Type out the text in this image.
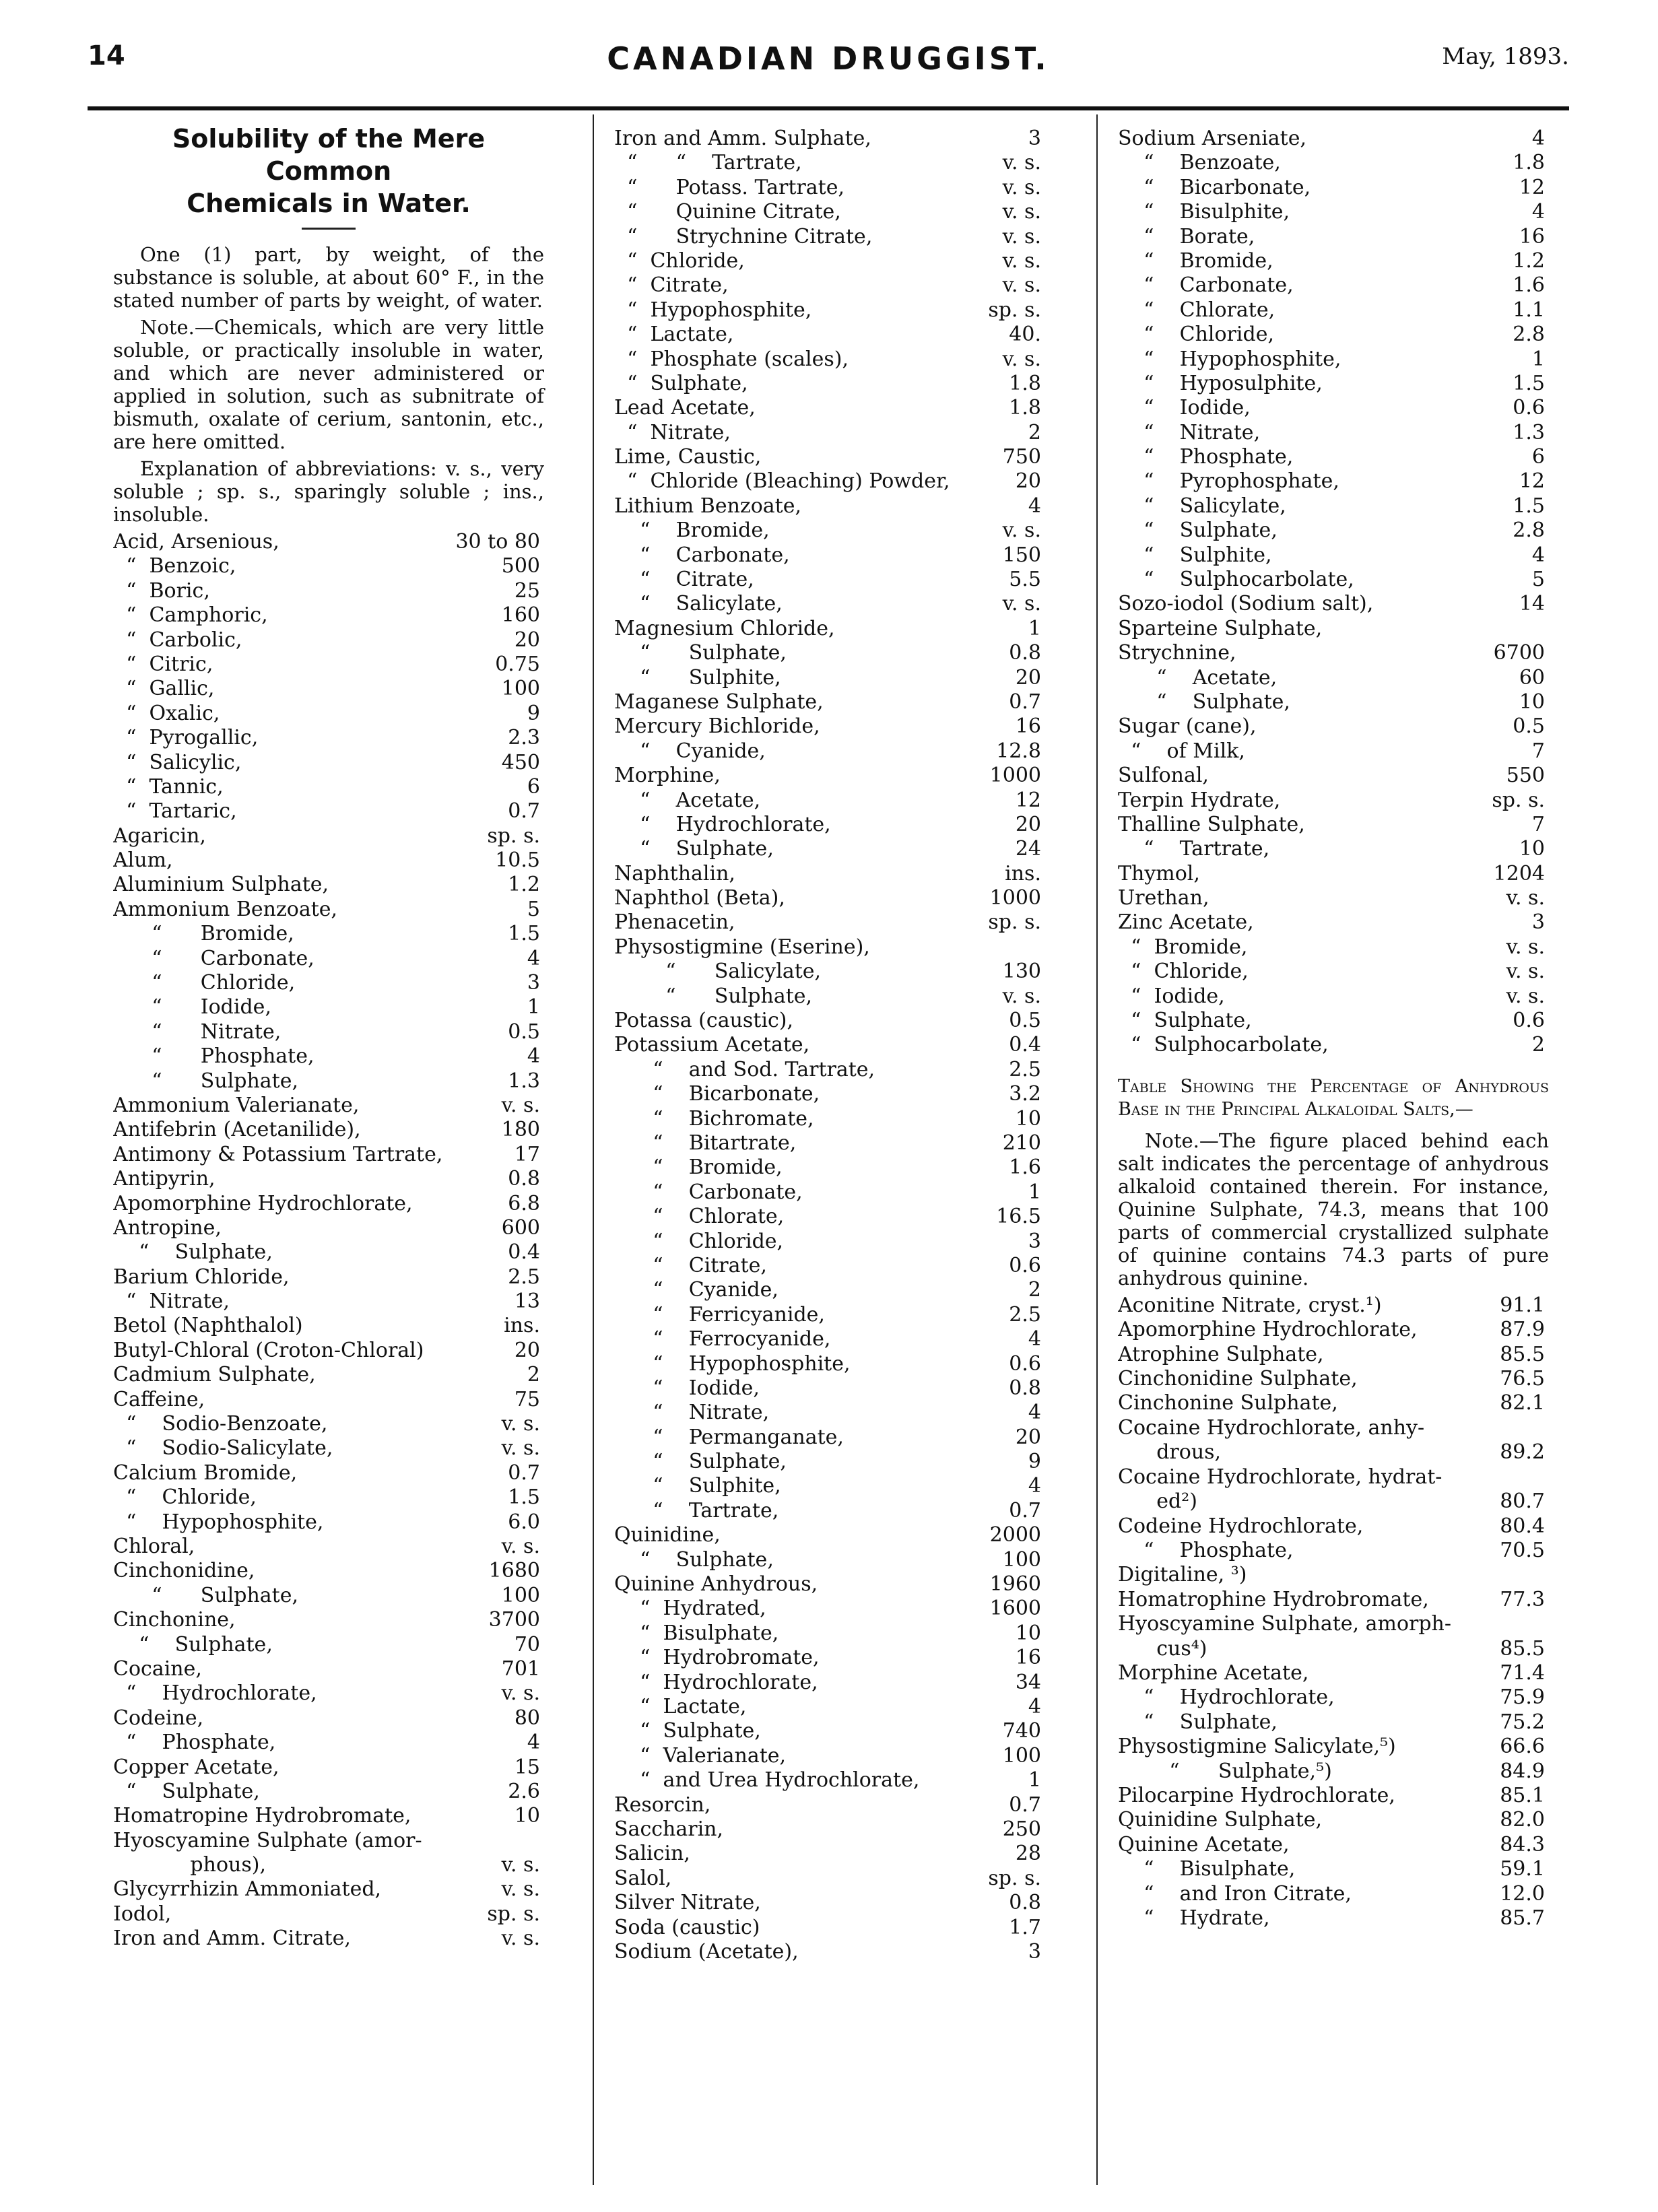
14	CANADIAN DRUGGIST.	May, 1893.
Solubility of the Mere Common
Chemicals in Water.

One (1) part, by weight, of the substance is soluble, at about 60° F., in the stated number of parts by weight, of water.

Note.—Chemicals, which are very little soluble, or practically insoluble in water, and which are never administered or applied in solution, such as subnitrate of bismuth, oxalate of cerium, santonin, etc., are here omitted.

Explanation of abbreviations: v. s., very soluble ; sp. s., sparingly soluble ; ins., insoluble.

Acid, Arsenious,	30 to 80
“  Benzoic,	500
“  Boric,	25
“  Camphoric,	160
“  Carbolic,	20
“  Citric,	0.75
“  Gallic,	100
“  Oxalic,	9
“  Pyrogallic,	2.3
“  Salicylic,	450
“  Tannic,	6
“  Tartaric,	0.7
Agaricin,	sp. s.
Alum,	10.5
Aluminium Sulphate,	1.2
Ammonium Benzoate,	5
“      Bromide,	1.5
“      Carbonate,	4
“      Chloride,	3
“      Iodide,	1
“      Nitrate,	0.5
“      Phosphate,	4
“      Sulphate,	1.3
Ammonium Valerianate,	v. s.
Antifebrin (Acetanilide),	180
Antimony & Potassium Tartrate,	17
Antipyrin,	0.8
Apomorphine Hydrochlorate,	6.8
Antropine,	600
“    Sulphate,	0.4
Barium Chloride,	2.5
“  Nitrate,	13
Betol (Naphthalol)	ins.
Butyl-Chloral (Croton-Chloral)	20
Cadmium Sulphate,	2
Caffeine,	75
“    Sodio-Benzoate,	v. s.
“    Sodio-Salicylate,	v. s.
Calcium Bromide,	0.7
“    Chloride,	1.5
“    Hypophosphite,	6.0
Chloral,	v. s.
Cinchonidine,	1680
“      Sulphate,	100
Cinchonine,	3700
“    Sulphate,	70
Cocaine,	701
“    Hydrochlorate,	v. s.
Codeine,	80
“    Phosphate,	4
Copper Acetate,	15
“    Sulphate,	2.6
Homatropine Hydrobromate,	10
Hyoscyamine Sulphate (amor-
phous),	v. s.
Glycyrrhizin Ammoniated,	v. s.
Iodol,	sp. s.
Iron and Amm. Citrate,	v. s.
Iron and Amm. Sulphate,	3
“      “    Tartrate,	v. s.
“      Potass. Tartrate,	v. s.
“      Quinine Citrate,	v. s.
“      Strychnine Citrate,	v. s.
“  Chloride,	v. s.
“  Citrate,	v. s.
“  Hypophosphite,	sp. s.
“  Lactate,	40.
“  Phosphate (scales),	v. s.
“  Sulphate,	1.8
Lead Acetate,	1.8
“  Nitrate,	2
Lime, Caustic,	750
“  Chloride (Bleaching) Powder,	20
Lithium Benzoate,	4
“    Bromide,	v. s.
“    Carbonate,	150
“    Citrate,	5.5
“    Salicylate,	v. s.
Magnesium Chloride,	1
“      Sulphate,	0.8
“      Sulphite,	20
Maganese Sulphate,	0.7
Mercury Bichloride,	16
“    Cyanide,	12.8
Morphine,	1000
“    Acetate,	12
“    Hydrochlorate,	20
“    Sulphate,	24
Naphthalin,	ins.
Naphthol (Beta),	1000
Phenacetin,	sp. s.
Physostigmine (Eserine),
“      Salicylate,	130
“      Sulphate,	v. s.
Potassa (caustic),	0.5
Potassium Acetate,	0.4
“    and Sod. Tartrate,	2.5
“    Bicarbonate,	3.2
“    Bichromate,	10
“    Bitartrate,	210
“    Bromide,	1.6
“    Carbonate,	1
“    Chlorate,	16.5
“    Chloride,	3
“    Citrate,	0.6
“    Cyanide,	2
“    Ferricyanide,	2.5
“    Ferrocyanide,	4
“    Hypophosphite,	0.6
“    Iodide,	0.8
“    Nitrate,	4
“    Permanganate,	20
“    Sulphate,	9
“    Sulphite,	4
“    Tartrate,	0.7
Quinidine,	2000
“    Sulphate,	100
Quinine Anhydrous,	1960
“  Hydrated,	1600
“  Bisulphate,	10
“  Hydrobromate,	16
“  Hydrochlorate,	34
“  Lactate,	4
“  Sulphate,	740
“  Valerianate,	100
“  and Urea Hydrochlorate,	1
Resorcin,	0.7
Saccharin,	250
Salicin,	28
Salol,	sp. s.
Silver Nitrate,	0.8
Soda (caustic)	1.7
Sodium (Acetate),	3
Sodium Arseniate,	4
“    Benzoate,	1.8
“    Bicarbonate,	12
“    Bisulphite,	4
“    Borate,	16
“    Bromide,	1.2
“    Carbonate,	1.6
“    Chlorate,	1.1
“    Chloride,	2.8
“    Hypophosphite,	1
“    Hyposulphite,	1.5
“    Iodide,	0.6
“    Nitrate,	1.3
“    Phosphate,	6
“    Pyrophosphate,	12
“    Salicylate,	1.5
“    Sulphate,	2.8
“    Sulphite,	4
“    Sulphocarbolate,	5
Sozo-iodol (Sodium salt),	14
Sparteine Sulphate,
Strychnine,	6700
“    Acetate,	60
“    Sulphate,	10
Sugar (cane),	0.5
“    of Milk,	7
Sulfonal,	550
Terpin Hydrate,	sp. s.
Thalline Sulphate,	7
“    Tartrate,	10
Thymol,	1204
Urethan,	v. s.
Zinc Acetate,	3
“  Bromide,	v. s.
“  Chloride,	v. s.
“  Iodide,	v. s.
“  Sulphate,	0.6
“  Sulphocarbolate,	2

Table Showing the Percentage of Anhydrous Base in the Principal Alkaloidal Salts,—

Note.—The figure placed behind each salt indicates the percentage of anhydrous alkaloid contained therein. For instance, Quinine Sulphate, 74.3, means that 100 parts of commercial crystallized sulphate of quinine contains 74.3 parts of pure anhydrous quinine.

Aconitine Nitrate, cryst.¹)	91.1
Apomorphine Hydrochlorate,	87.9
Atrophine Sulphate,	85.5
Cinchonidine Sulphate,	76.5
Cinchonine Sulphate,	82.1
Cocaine Hydrochlorate, anhy-
drous,	89.2
Cocaine Hydrochlorate, hydrat-
ed²)	80.7
Codeine Hydrochlorate,	80.4
“    Phosphate,	70.5
Digitaline, ³)
Homatrophine Hydrobromate,	77.3
Hyoscyamine Sulphate, amorph-
cus⁴)	85.5
Morphine Acetate,	71.4
“    Hydrochlorate,	75.9
“    Sulphate,	75.2
Physostigmine Salicylate,⁵)	66.6
“      Sulphate,⁵)	84.9
Pilocarpine Hydrochlorate,	85.1
Quinidine Sulphate,	82.0
Quinine Acetate,	84.3
“    Bisulphate,	59.1
“    and Iron Citrate,	12.0
“    Hydrate,	85.7
